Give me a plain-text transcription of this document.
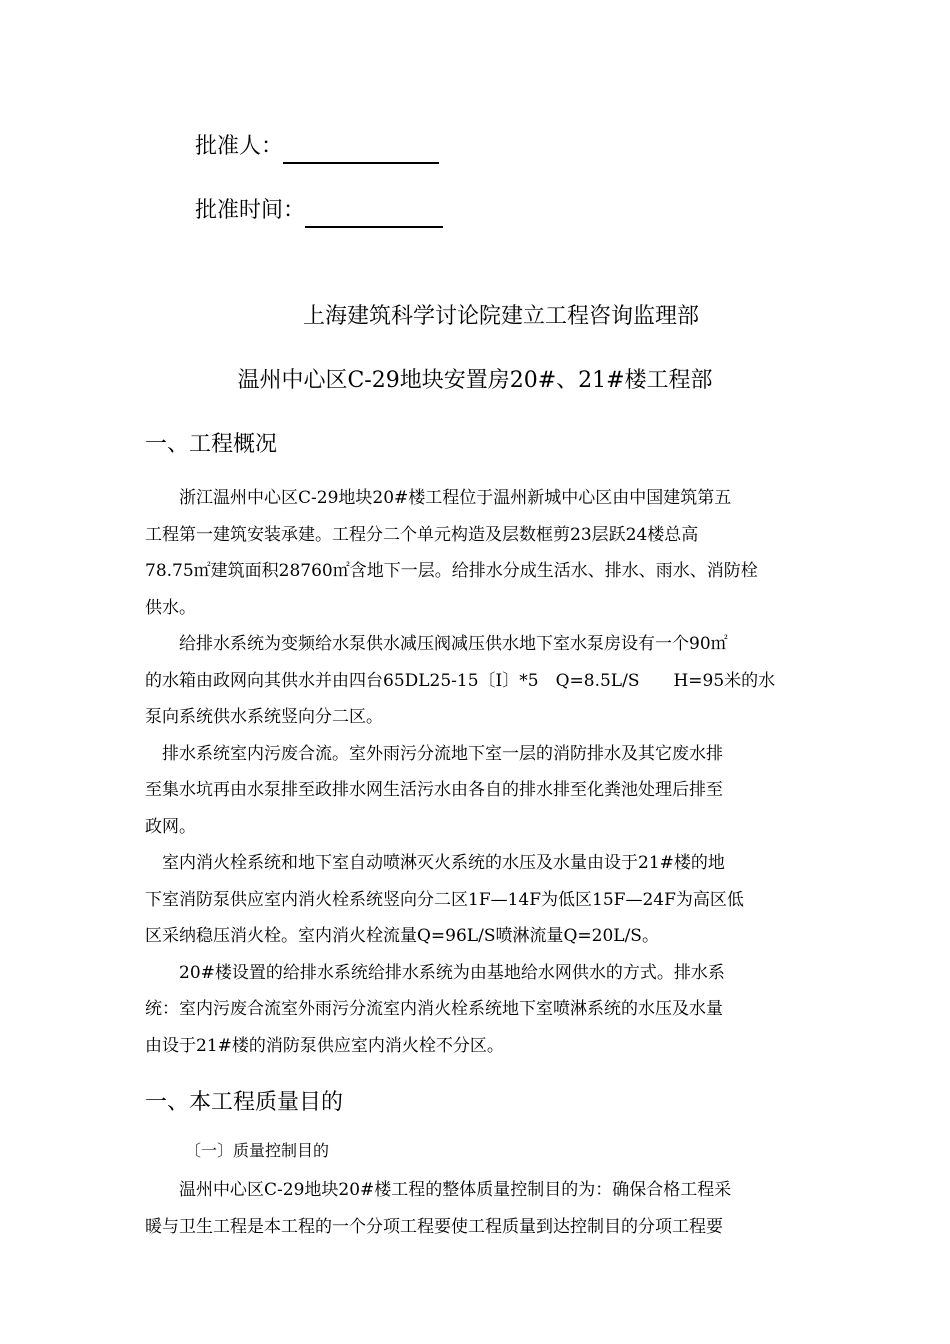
批准人：
批准时间：
上海建筑科学讨论院建立工程咨询监理部
温州中心区C-29地块安置房20#、21#楼工程部
一、工程概况

　　浙江温州中心区C-29地块20#楼工程位于温州新城中心区由中国建筑第五

工程第一建筑安装承建。工程分二个单元构造及层数框剪23层跃24楼总高

78.75㎡建筑面积28760㎡含地下一层。给排水分成生活水、排水、雨水、消防栓

供水。

　　给排水系统为变频给水泵供水减压阀减压供水地下室水泵房设有一个90㎡

的水箱由政网向其供水并由四台65DL25-15〔I〕*5　Q=8.5L/S　　H=95米的水

泵向系统供水系统竖向分二区。

　排水系统室内污废合流。室外雨污分流地下室一层的消防排水及其它废水排

至集水坑再由水泵排至政排水网生活污水由各自的排水排至化粪池处理后排至

政网。

　室内消火栓系统和地下室自动喷淋灭火系统的水压及水量由设于21#楼的地

下室消防泵供应室内消火栓系统竖向分二区1F—14F为低区15F—24F为高区低

区采纳稳压消火栓。室内消火栓流量Q=96L/S喷淋流量Q=20L/S。

　　20#楼设置的给排水系统给排水系统为由基地给水网供水的方式。排水系

统：室内污废合流室外雨污分流室内消火栓系统地下室喷淋系统的水压及水量

由设于21#楼的消防泵供应室内消火栓不分区。

一、本工程质量目的
〔一〕质量控制目的

　　温州中心区C-29地块20#楼工程的整体质量控制目的为：确保合格工程采

暖与卫生工程是本工程的一个分项工程要使工程质量到达控制目的分项工程要
